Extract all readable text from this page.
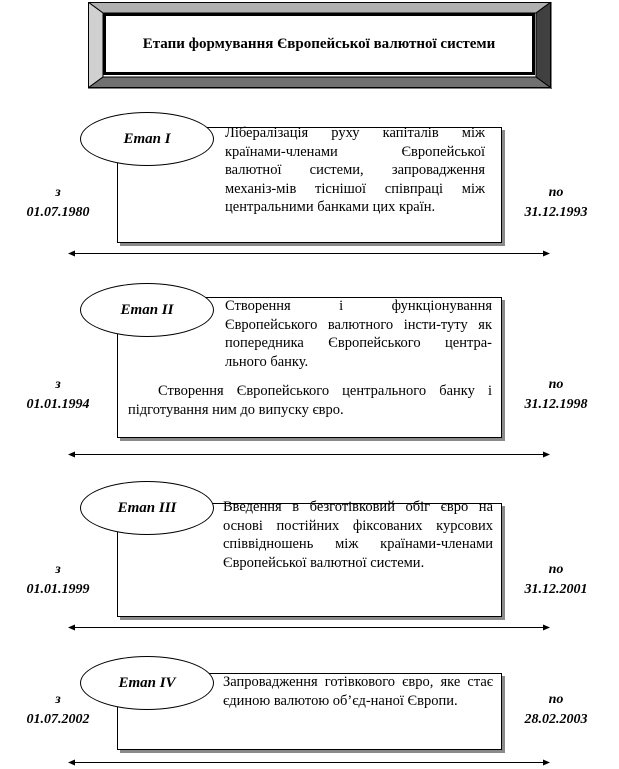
Етапи формування Європейської валютної системи
Лібералізація руху капіталів між країнами-членами Європейської валютної системи, запровадження механіз-мів тіснішої співпраці між центральними банками цих країн.
Етап I
з
01.07.1980
по
31.12.1993
Створення і функціонування Європейського валютного інсти-туту як попередника Європейського центра-льного банку.
Створення Європейського центрального банку і підготування ним до випуску євро.
Етап II
з
01.01.1994
по
31.12.1998
Введення в безготівковий обіг євро на основі постійних фіксованих курсових співвідношень між країнами-членами Європейської валютної системи.
Етап III
з
01.01.1999
по
31.12.2001
Запровадження готівкового євро, яке стає єдиною валютою об’єд-наної Європи.
Етап IV
з
01.07.2002
по
28.02.2003
